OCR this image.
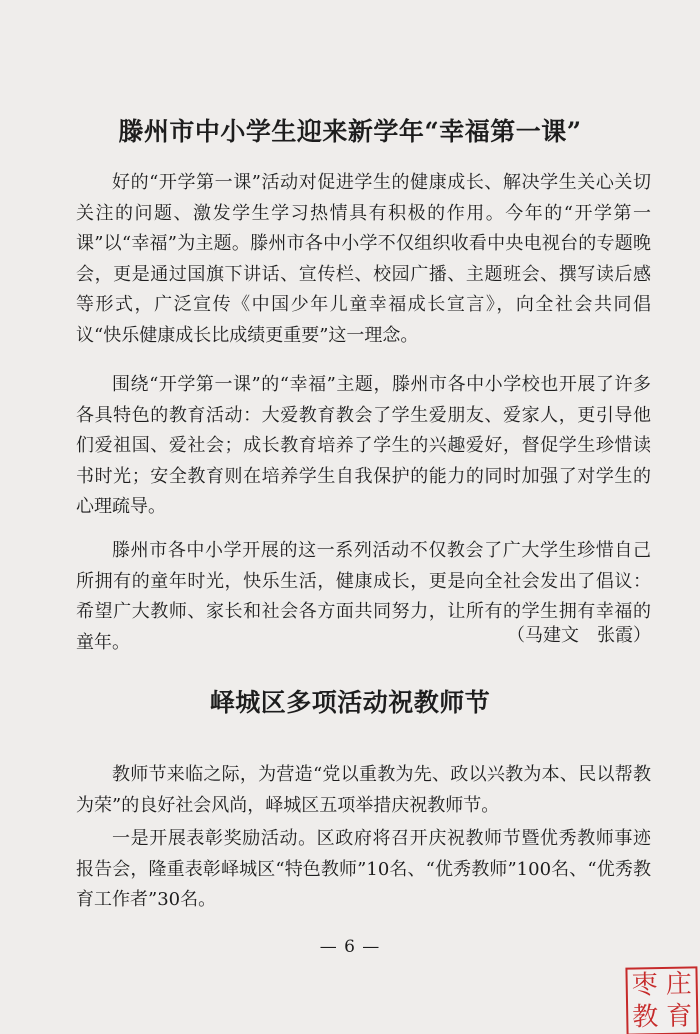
滕州市中小学生迎来新学年“幸福第一课”

好的“开学第一课”活动对促进学生的健康成长、解决学生关心关切关注的问题、激发学生学习热情具有积极的作用。今年的“开学第一课”以“幸福”为主题。滕州市各中小学不仅组织收看中央电视台的专题晚会，更是通过国旗下讲话、宣传栏、校园广播、主题班会、撰写读后感等形式，广泛宣传《中国少年儿童幸福成长宣言》，向全社会共同倡议“快乐健康成长比成绩更重要”这一理念。

围绕“开学第一课”的“幸福”主题，滕州市各中小学校也开展了许多各具特色的教育活动：大爱教育教会了学生爱朋友、爱家人，更引导他们爱祖国、爱社会；成长教育培养了学生的兴趣爱好，督促学生珍惜读书时光；安全教育则在培养学生自我保护的能力的同时加强了对学生的心理疏导。

滕州市各中小学开展的这一系列活动不仅教会了广大学生珍惜自己所拥有的童年时光，快乐生活，健康成长，更是向全社会发出了倡议：希望广大教师、家长和社会各方面共同努力，让所有的学生拥有幸福的童年。	（马建文　张霞）
峄城区多项活动祝教师节

教师节来临之际，为营造“党以重教为先、政以兴教为本、民以帮教为荣”的良好社会风尚，峄城区五项举措庆祝教师节。

一是开展表彰奖励活动。区政府将召开庆祝教师节暨优秀教师事迹报告会，隆重表彰峄城区“特色教师”10名、“优秀教师”100名、“优秀教育工作者”30名。

— 6 —
枣 庄
教 育
